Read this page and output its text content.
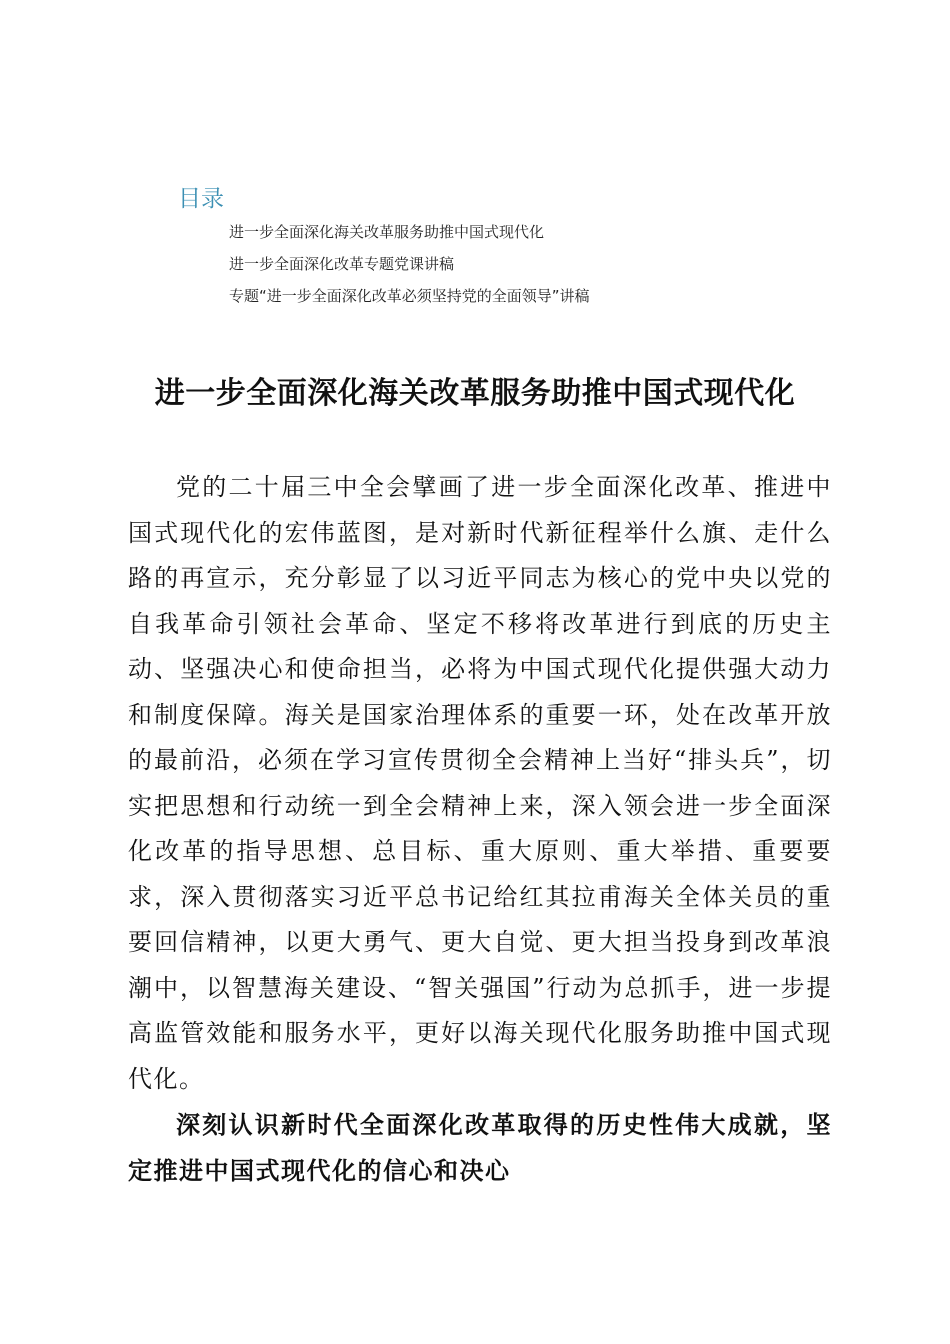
目录
进一步全面深化海关改革服务助推中国式现代化
进一步全面深化改革专题党课讲稿
专题“进一步全面深化改革必须坚持党的全面领导”讲稿
进一步全面深化海关改革服务助推中国式现代化

党的二十届三中全会擘画了进一步全面深化改革、推进中国式现代化的宏伟蓝图，是对新时代新征程举什么旗、走什么路的再宣示，充分彰显了以习近平同志为核心的党中央以党的自我革命引领社会革命、坚定不移将改革进行到底的历史主动、坚强决心和使命担当，必将为中国式现代化提供强大动力和制度保障。海关是国家治理体系的重要一环，处在改革开放的最前沿，必须在学习宣传贯彻全会精神上当好“排头兵”，切实把思想和行动统一到全会精神上来，深入领会进一步全面深化改革的指导思想、总目标、重大原则、重大举措、重要要求，深入贯彻落实习近平总书记给红其拉甫海关全体关员的重要回信精神，以更大勇气、更大自觉、更大担当投身到改革浪潮中，以智慧海关建设、“智关强国”行动为总抓手，进一步提高监管效能和服务水平，更好以海关现代化服务助推中国式现代化。

深刻认识新时代全面深化改革取得的历史性伟大成就，坚定推进中国式现代化的信心和决心
